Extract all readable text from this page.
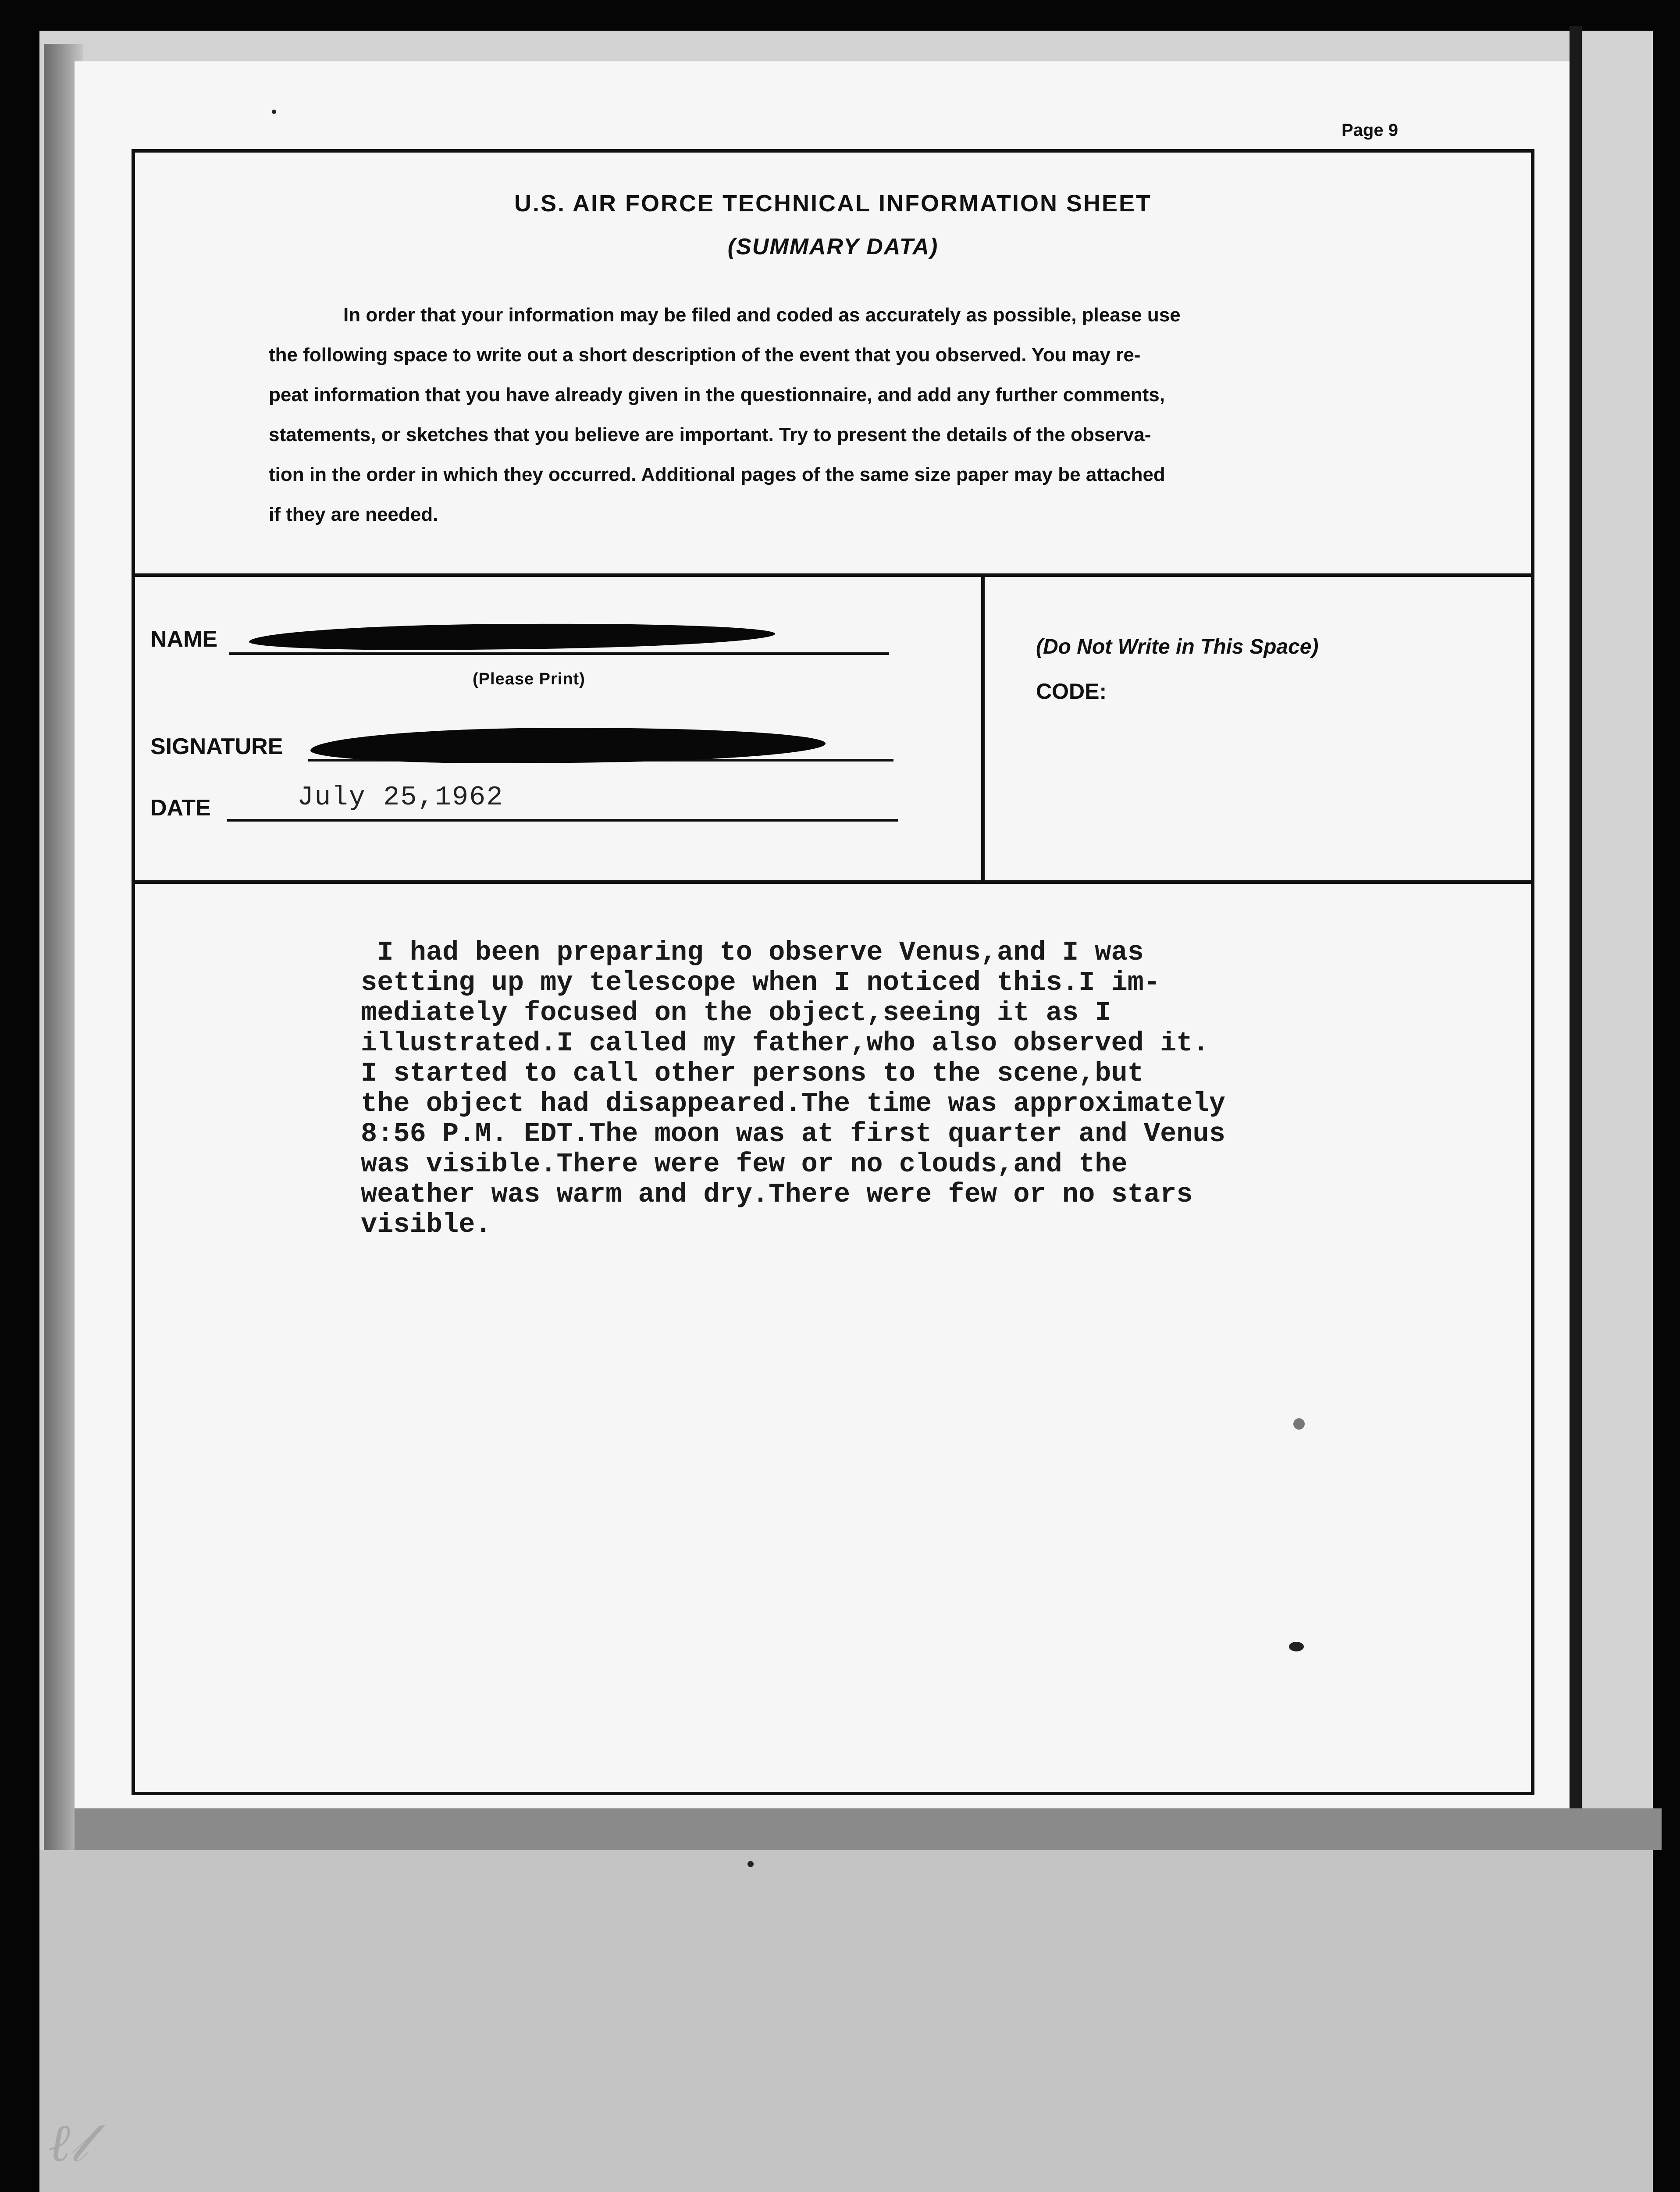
ℓ𝓁
Page 9
U.S. AIR FORCE TECHNICAL INFORMATION SHEET
(SUMMARY DATA)
In order that your information may be filed and coded as accurately as possible, please use
the following space to write out a short description of the event that you observed. You may re-
peat information that you have already given in the questionnaire, and add any further comments,
statements, or sketches that you believe are important. Try to present the details of the observa-
tion in the order in which they occurred. Additional pages of the same size paper may be attached
if they are needed.
NAME
(Please Print)
SIGNATURE
DATE	July 25,1962
(Do Not Write in This Space)
CODE:
I had been preparing to observe Venus,and I was
setting up my telescope when I noticed this.I im-
mediately focused on the object,seeing it as I
illustrated.I called my father,who also observed it.
I started to call other persons to the scene,but
the object had disappeared.The time was approximately
8:56 P.M. EDT.The moon was at first quarter and Venus
was visible.There were few or no clouds,and the
weather was warm and dry.There were few or no stars
visible.
